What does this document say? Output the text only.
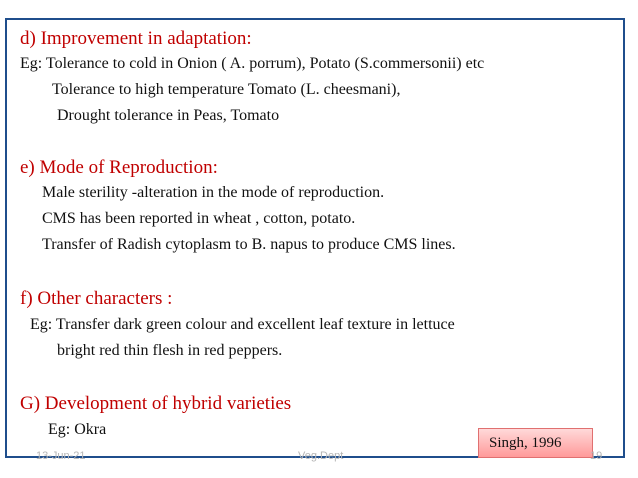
d) Improvement in adaptation:
Eg: Tolerance to cold in Onion ( A. porrum), Potato (S.commersonii) etc
Tolerance to high temperature Tomato (L. cheesmani),
Drought tolerance in Peas, Tomato
e) Mode of Reproduction:
Male sterility -alteration in the mode of reproduction.
CMS has been reported in wheat , cotton, potato.
Transfer of Radish cytoplasm to B. napus to produce CMS lines.
f) Other characters :
Eg: Transfer dark green colour and excellent leaf texture in lettuce
bright red thin flesh in red peppers.
G) Development of hybrid varieties
Eg: Okra
Singh, 1996
13-Jun-21	Veg.Dept	19
